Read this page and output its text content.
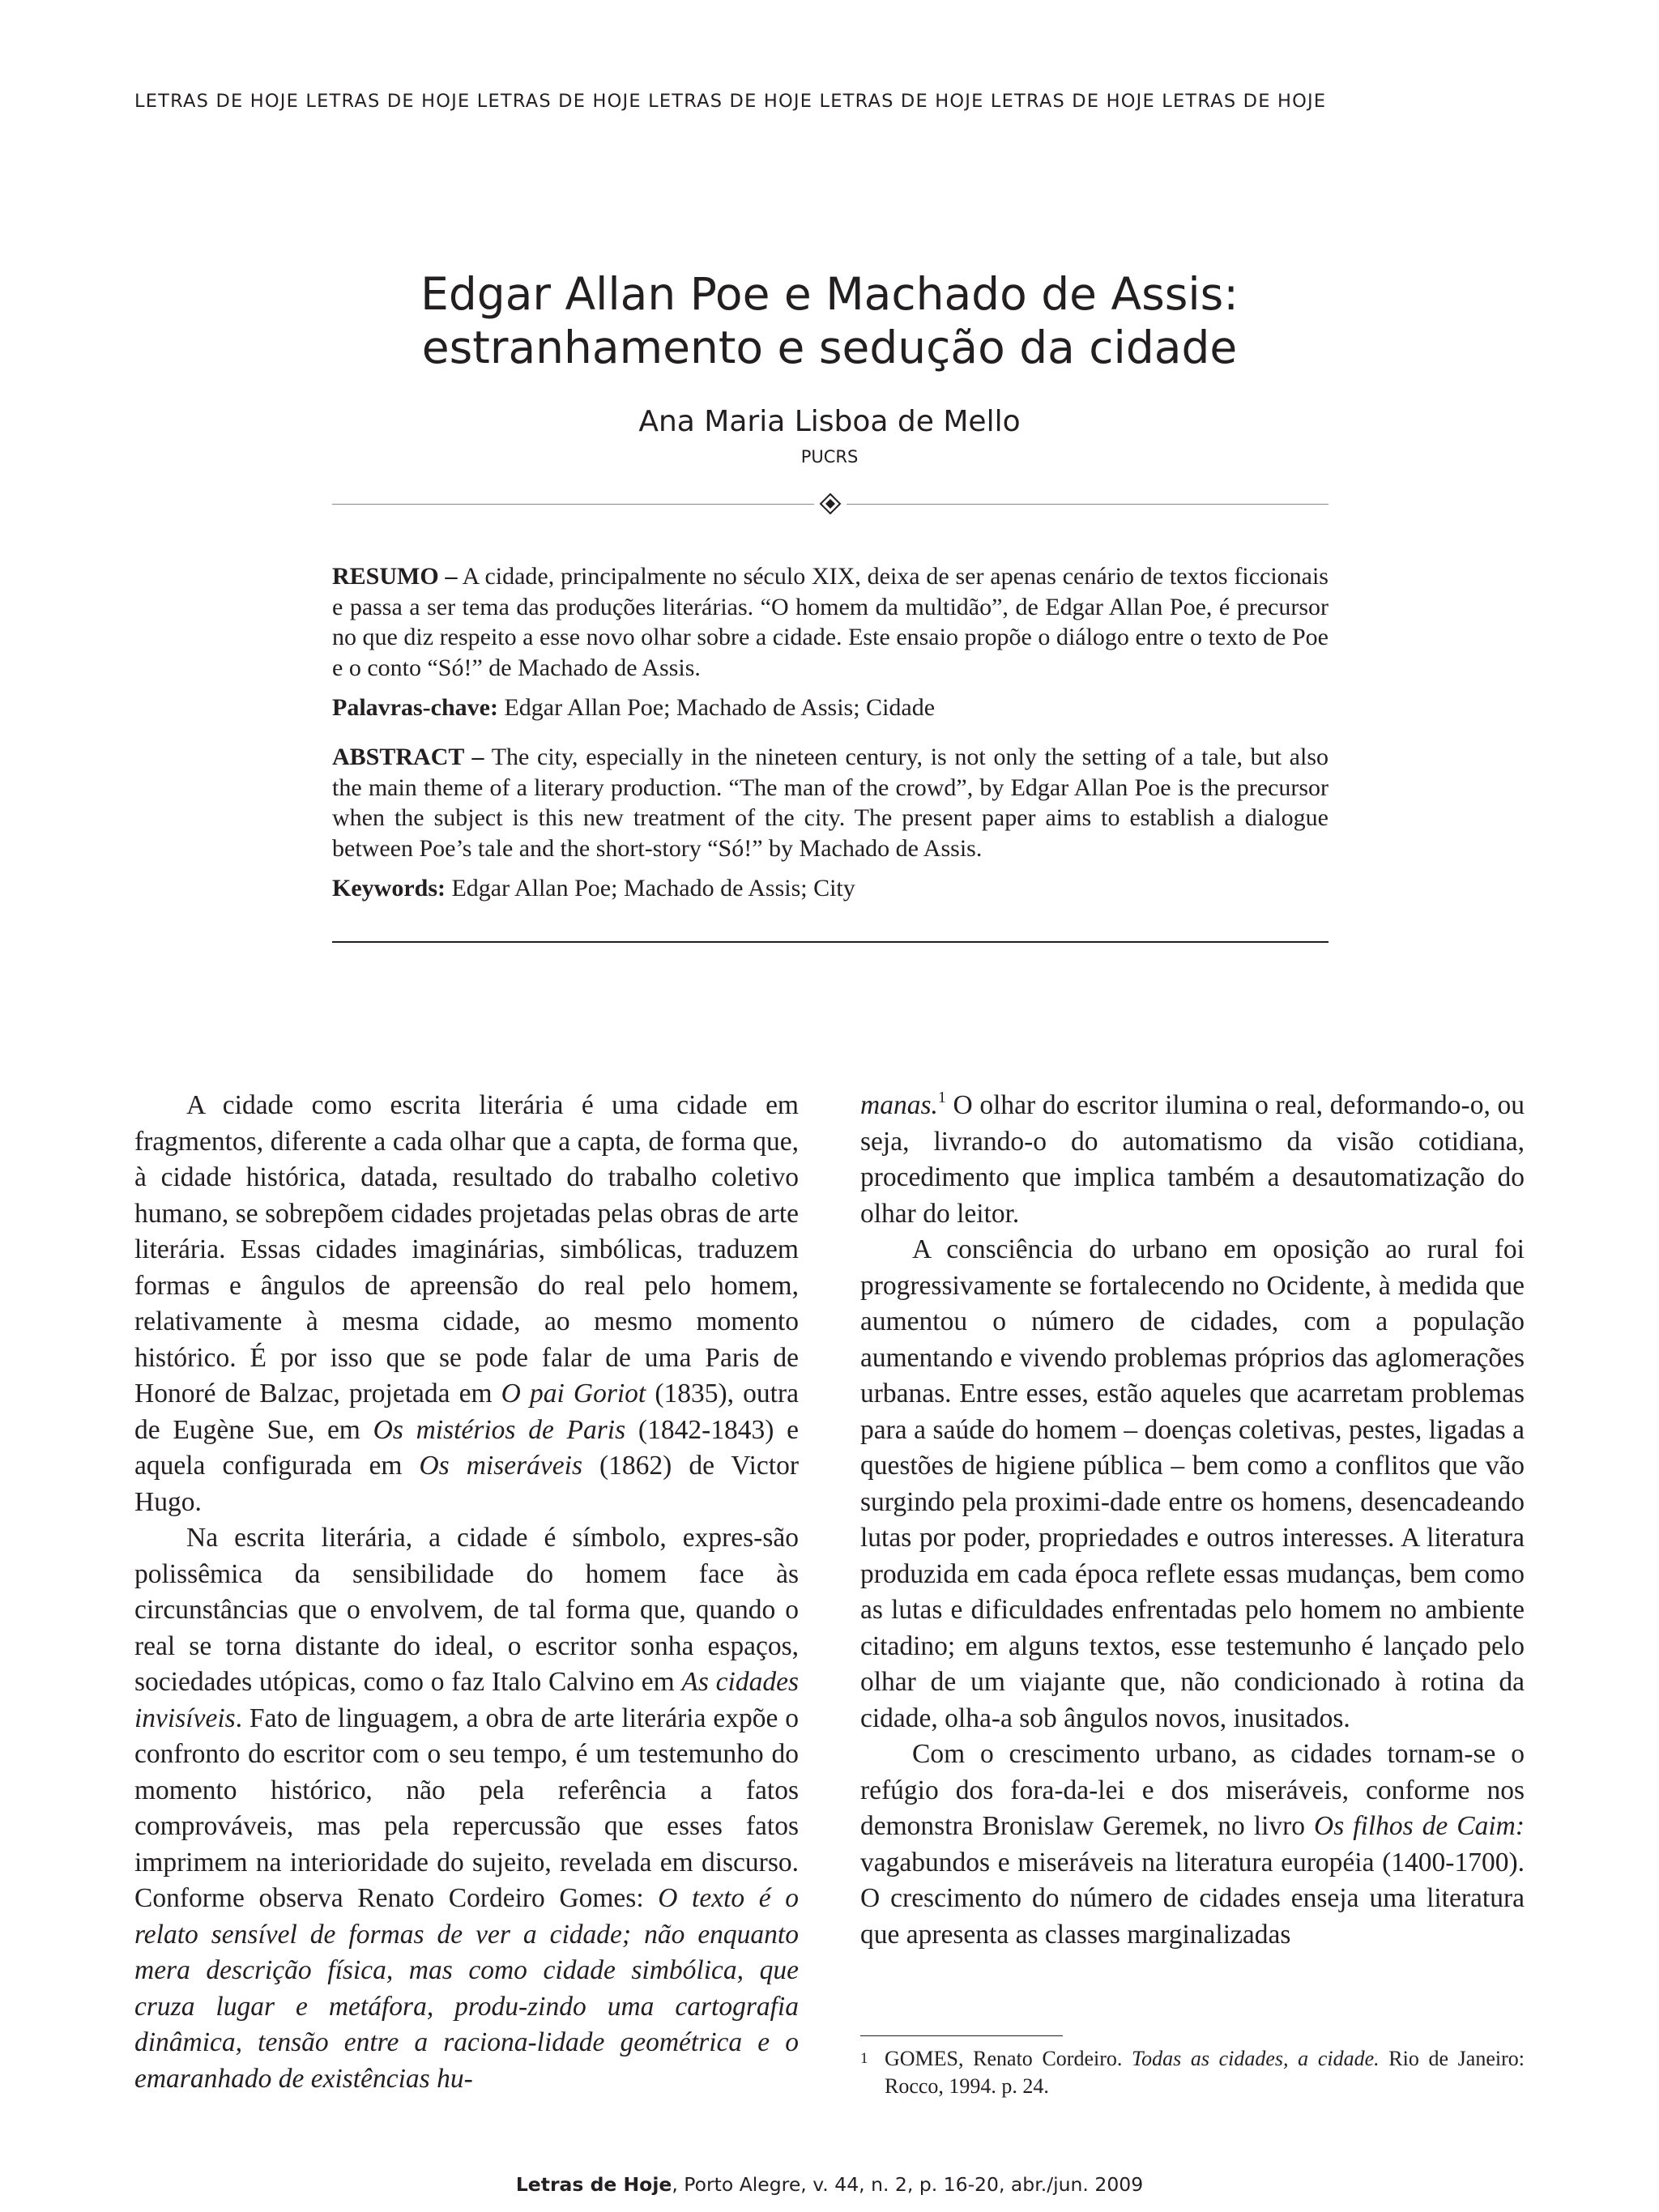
LETRAS DE HOJE LETRAS DE HOJE LETRAS DE HOJE LETRAS DE HOJE LETRAS DE HOJE LETRAS DE HOJE LETRAS DE HOJE
Edgar Allan Poe e Machado de Assis:
estranhamento e sedução da cidade
Ana Maria Lisboa de Mello
PUCRS

RESUMO – A cidade, principalmente no século XIX, deixa de ser apenas cenário de textos ficcionais e passa a ser tema das produções literárias. “O homem da multidão”, de Edgar Allan Poe, é precursor no que diz respeito a esse novo olhar sobre a cidade. Este ensaio propõe o diálogo entre o texto de Poe e o conto “Só!” de Machado de Assis.

Palavras-chave: Edgar Allan Poe; Machado de Assis; Cidade

ABSTRACT – The city, especially in the nineteen century, is not only the setting of a tale, but also the main theme of a literary production. “The man of the crowd”, by Edgar Allan Poe is the precursor when the subject is this new treatment of the city. The present paper aims to establish a dialogue between Poe’s tale and the short-story “Só!” by Machado de Assis.

Keywords: Edgar Allan Poe; Machado de Assis; City

A cidade como escrita literária é uma cidade em fragmentos, diferente a cada olhar que a capta, de forma que, à cidade histórica, datada, resultado do trabalho coletivo humano, se sobrepõem cidades projetadas pelas obras de arte literária. Essas cidades imaginárias, simbólicas, traduzem formas e ângulos de apreensão do real pelo homem, relativamente à mesma cidade, ao mesmo momento histórico. É por isso que se pode falar de uma Paris de Honoré de Balzac, projetada em O pai Goriot (1835), outra de Eugène Sue, em Os mistérios de Paris (1842-1843) e aquela configurada em Os miseráveis (1862) de Victor Hugo.

Na escrita literária, a cidade é símbolo, expres-são polissêmica da sensibilidade do homem face às circunstâncias que o envolvem, de tal forma que, quando o real se torna distante do ideal, o escritor sonha espaços, sociedades utópicas, como o faz Italo Calvino em As cidades invisíveis. Fato de linguagem, a obra de arte literária expõe o confronto do escritor com o seu tempo, é um testemunho do momento histórico, não pela referência a fatos comprováveis, mas pela repercussão que esses fatos imprimem na interioridade do sujeito, revelada em discurso. Conforme observa Renato Cordeiro Gomes: O texto é o relato sensível de formas de ver a cidade; não enquanto mera descrição física, mas como cidade simbólica, que cruza lugar e metáfora, produ-zindo uma cartografia dinâmica, tensão entre a raciona-lidade geométrica e o emaranhado de existências hu-

manas.$^1$ O olhar do escritor ilumina o real, deformando-o, ou seja, livrando-o do automatismo da visão cotidiana, procedimento que implica também a desautomatização do olhar do leitor.

A consciência do urbano em oposição ao rural foi progressivamente se fortalecendo no Ocidente, à medida que aumentou o número de cidades, com a população aumentando e vivendo problemas próprios das aglomerações urbanas. Entre esses, estão aqueles que acarretam problemas para a saúde do homem – doenças coletivas, pestes, ligadas a questões de higiene pública – bem como a conflitos que vão surgindo pela proximi-dade entre os homens, desencadeando lutas por poder, propriedades e outros interesses. A literatura produzida em cada época reflete essas mudanças, bem como as lutas e dificuldades enfrentadas pelo homem no ambiente citadino; em alguns textos, esse testemunho é lançado pelo olhar de um viajante que, não condicionado à rotina da cidade, olha-a sob ângulos novos, inusitados.

Com o crescimento urbano, as cidades tornam-se o refúgio dos fora-da-lei e dos miseráveis, conforme nos demonstra Bronislaw Geremek, no livro Os filhos de Caim: vagabundos e miseráveis na literatura européia (1400-1700). O crescimento do número de cidades enseja uma literatura que apresenta as classes marginalizadas

1 GOMES, Renato Cordeiro. Todas as cidades, a cidade. Rio de Janeiro: Rocco, 1994. p. 24.
Letras de Hoje, Porto Alegre, v. 44, n. 2, p. 16-20, abr./jun. 2009
